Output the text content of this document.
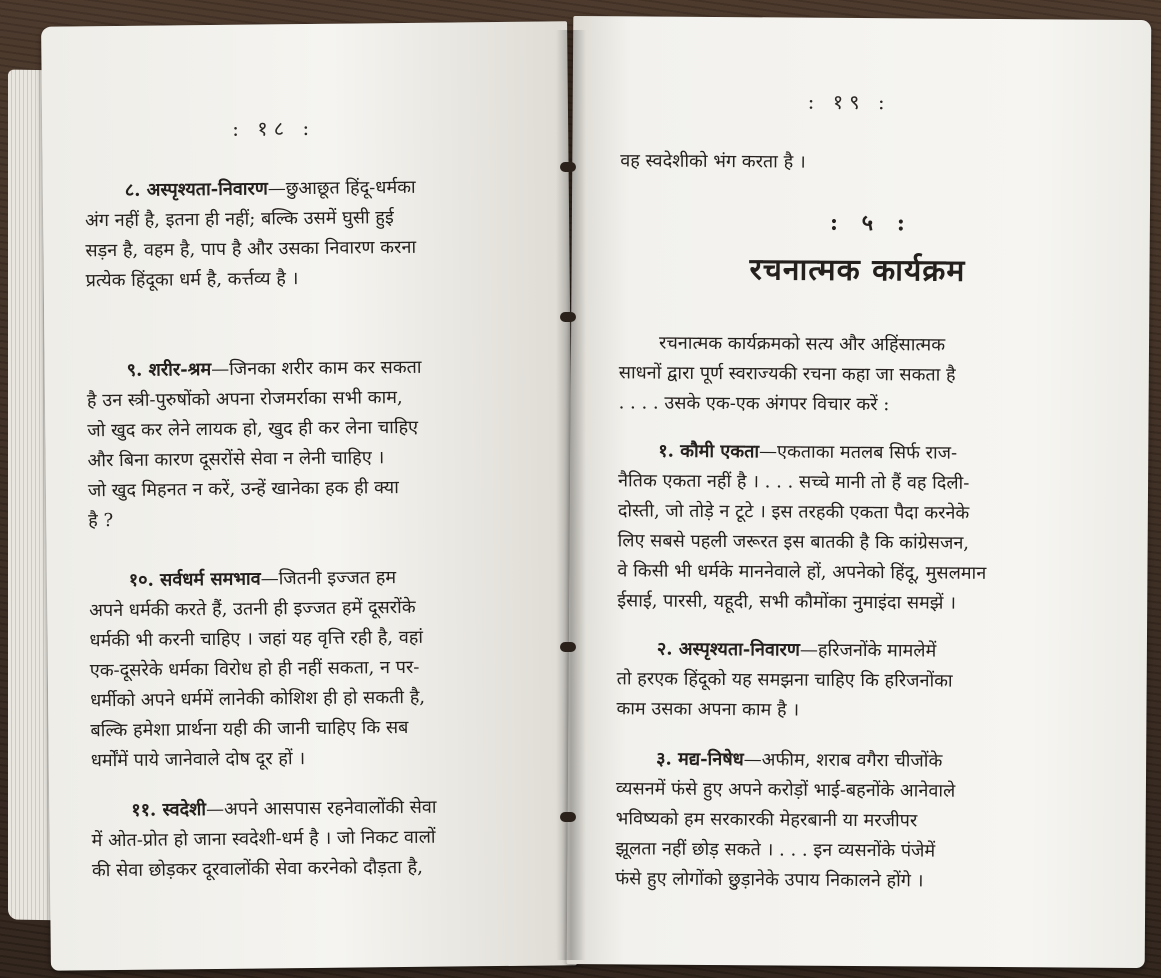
: १८ :
८. अस्पृश्यता-निवारण—छुआछूत हिंदू-धर्मका
अंग नहीं है, इतना ही नहीं; बल्कि उसमें घुसी हुई
सड़न है, वहम है, पाप है और उसका निवारण करना
प्रत्येक हिंदूका धर्म है, कर्त्तव्य है ।
९. शरीर-श्रम—जिनका शरीर काम कर सकता
है उन स्त्री-पुरुषोंको अपना रोजमर्राका सभी काम,
जो खुद कर लेने लायक हो, खुद ही कर लेना चाहिए
और बिना कारण दूसरोंसे सेवा न लेनी चाहिए ।
जो खुद मिहनत न करें, उन्हें खानेका हक ही क्या
है ?
१०. सर्वधर्म समभाव—जितनी इज्जत हम
अपने धर्मकी करते हैं, उतनी ही इज्जत हमें दूसरोंके
धर्मकी भी करनी चाहिए । जहां यह वृत्ति रही है, वहां
एक-दूसरेके धर्मका विरोध हो ही नहीं सकता, न पर-
धर्मीको अपने धर्ममें लानेकी कोशिश ही हो सकती है,
बल्कि हमेशा प्रार्थना यही की जानी चाहिए कि सब
धर्मोंमें पाये जानेवाले दोष दूर हों ।
११. स्वदेशी—अपने आसपास रहनेवालोंकी सेवा
में ओत-प्रोत हो जाना स्वदेशी-धर्म है । जो निकट वालों
की सेवा छोड़कर दूरवालोंकी सेवा करनेको दौड़ता है,
: १९ :
वह स्वदेशीको भंग करता है ।
: ५ :
रचनात्मक कार्यक्रम
रचनात्मक कार्यक्रमको सत्य और अहिंसात्मक
साधनों द्वारा पूर्ण स्वराज्यकी रचना कहा जा सकता है
. . . . उसके एक-एक अंगपर विचार करें :
१. कौमी एकता—एकताका मतलब सिर्फ राज-
नैतिक एकता नहीं है । . . . सच्चे मानी तो हैं वह दिली-
दोस्ती, जो तोड़े न टूटे । इस तरहकी एकता पैदा करनेके
लिए सबसे पहली जरूरत इस बातकी है कि कांग्रेसजन,
वे किसी भी धर्मके माननेवाले हों, अपनेको हिंदू, मुसलमान
ईसाई, पारसी, यहूदी, सभी कौमोंका नुमाइंदा समझें ।
२. अस्पृश्यता-निवारण—हरिजनोंके मामलेमें
तो हरएक हिंदूको यह समझना चाहिए कि हरिजनोंका
काम उसका अपना काम है ।
३. मद्य-निषेध—अफीम, शराब वगैरा चीजोंके
व्यसनमें फंसे हुए अपने करोड़ों भाई-बहनोंके आनेवाले
भविष्यको हम सरकारकी मेहरबानी या मरजीपर
झूलता नहीं छोड़ सकते । . . . इन व्यसनोंके पंजेमें
फंसे हुए लोगोंको छुड़ानेके उपाय निकालने होंगे ।
